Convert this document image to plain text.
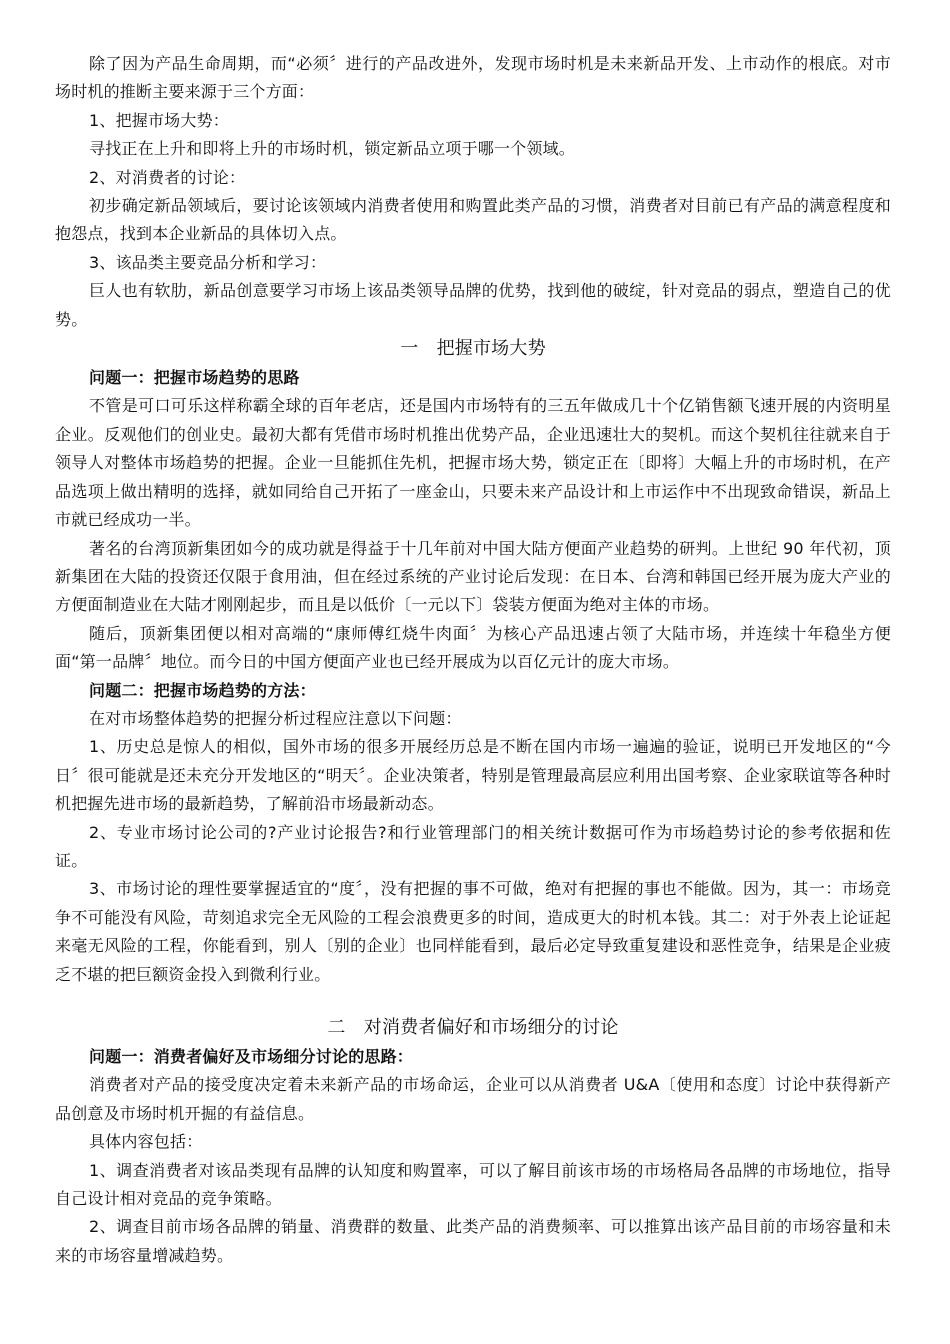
除了因为产品生命周期，而“必须〞进行的产品改进外，发现市场时机是未来新品开发、上市动作的根底。对市场时机的推断主要来源于三个方面：

1、把握市场大势：

寻找正在上升和即将上升的市场时机，锁定新品立项于哪一个领域。

2、对消费者的讨论：

初步确定新品领域后，要讨论该领域内消费者使用和购置此类产品的习惯，消费者对目前已有产品的满意程度和抱怨点，找到本企业新品的具体切入点。

3、该品类主要竞品分析和学习：

巨人也有软肋，新品创意要学习市场上该品类领导品牌的优势，找到他的破绽，针对竞品的弱点，塑造自己的优势。

一　把握市场大势

问题一：把握市场趋势的思路

不管是可口可乐这样称霸全球的百年老店，还是国内市场特有的三五年做成几十个亿销售额飞速开展的内资明星企业。反观他们的创业史。最初大都有凭借市场时机推出优势产品，企业迅速壮大的契机。而这个契机往往就来自于领导人对整体市场趋势的把握。企业一旦能抓住先机，把握市场大势，锁定正在〔即将〕大幅上升的市场时机，在产品选项上做出精明的选择，就如同给自己开拓了一座金山，只要未来产品设计和上市运作中不出现致命错误，新品上市就已经成功一半。

著名的台湾顶新集团如今的成功就是得益于十几年前对中国大陆方便面产业趋势的研判。上世纪 90 年代初，顶新集团在大陆的投资还仅限于食用油，但在经过系统的产业讨论后发现：在日本、台湾和韩国已经开展为庞大产业的方便面制造业在大陆才刚刚起步，而且是以低价〔一元以下〕袋装方便面为绝对主体的市场。

随后，顶新集团便以相对高端的“康师傅红烧牛肉面〞为核心产品迅速占领了大陆市场，并连续十年稳坐方便面“第一品牌〞地位。而今日的中国方便面产业也已经开展成为以百亿元计的庞大市场。

问题二：把握市场趋势的方法：

在对市场整体趋势的把握分析过程应注意以下问题：

1、历史总是惊人的相似，国外市场的很多开展经历总是不断在国内市场一遍遍的验证，说明已开发地区的“今日〞很可能就是还未充分开发地区的“明天〞。企业决策者，特别是管理最高层应利用出国考察、企业家联谊等各种时机把握先进市场的最新趋势，了解前沿市场最新动态。

2、专业市场讨论公司的?产业讨论报告?和行业管理部门的相关统计数据可作为市场趋势讨论的参考依据和佐证。

3、市场讨论的理性要掌握适宜的“度〞，没有把握的事不可做，绝对有把握的事也不能做。因为，其一：市场竞争不可能没有风险，苛刻追求完全无风险的工程会浪费更多的时间，造成更大的时机本钱。其二：对于外表上论证起来毫无风险的工程，你能看到，别人〔别的企业〕也同样能看到，最后必定导致重复建设和恶性竞争，结果是企业疲乏不堪的把巨额资金投入到微利行业。

二　对消费者偏好和市场细分的讨论

问题一：消费者偏好及市场细分讨论的思路：

消费者对产品的接受度决定着未来新产品的市场命运，企业可以从消费者 U&A〔使用和态度〕讨论中获得新产品创意及市场时机开掘的有益信息。

具体内容包括：

1、调查消费者对该品类现有品牌的认知度和购置率，可以了解目前该市场的市场格局各品牌的市场地位，指导自己设计相对竞品的竞争策略。

2、调查目前市场各品牌的销量、消费群的数量、此类产品的消费频率、可以推算出该产品目前的市场容量和未来的市场容量增减趋势。
